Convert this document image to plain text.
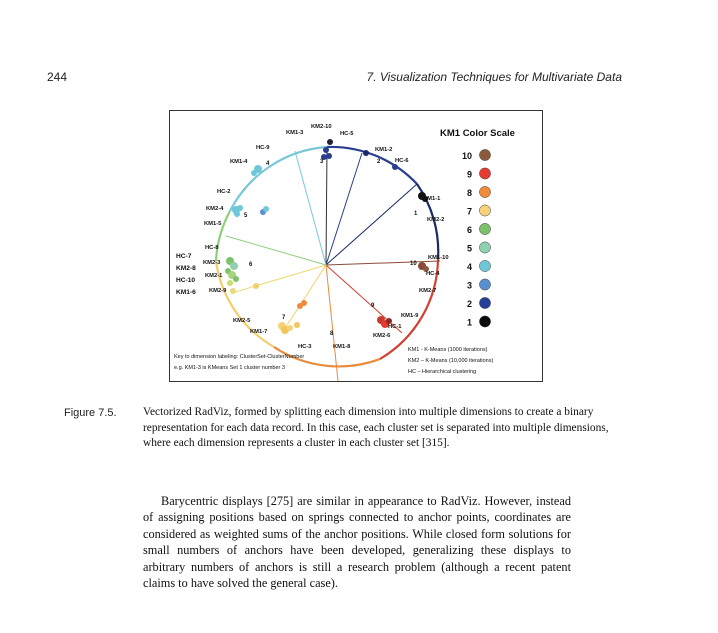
244	7. Visualization Techniques for Multivariate Data
KM2-10
KM1-3	HC-5
KM1-2
HC-6
HC-9
KM1-4
KM1-1
KM2-2
HC-2
KM2-4
KM1-5
HC-8
KM2-3
KM2-1
KM2-9
KM1-10
HC-4
KM2-7
KM1-9
HC-1
KM2-6
KM2-5
KM1-7
HC-3	KM1-8
HC-7
KM2-8
HC-10
KM1-6
1
2
3
4
5
6
7
8
9
10
KM1 Color Scale
10
9
8
7
6
5
4
3
2
1
Key to dimension labeling: ClusterSet-ClusterNumber
e.g. KM1-3 is KMeans Set 1 cluster number 3
KM1 - K-Means (1000 iterations)
KM2 – K-Means (10,000 iterations)
HC – Hierarchical clustering
Figure 7.5. Vectorized RadViz, formed by splitting each dimension into multiple dimensions to create a binary representation for each data record. In this case, each cluster set is separated into multiple dimensions, where each dimension represents a cluster in each cluster set [315].
Barycentric displays [275] are similar in appearance to RadViz. However, instead of assigning positions based on springs connected to anchor points, coordinates are considered as weighted sums of the anchor positions. While closed form solutions for small numbers of anchors have been developed, generalizing these displays to arbitrary numbers of anchors is still a research problem (although a recent patent claims to have solved the general case).
